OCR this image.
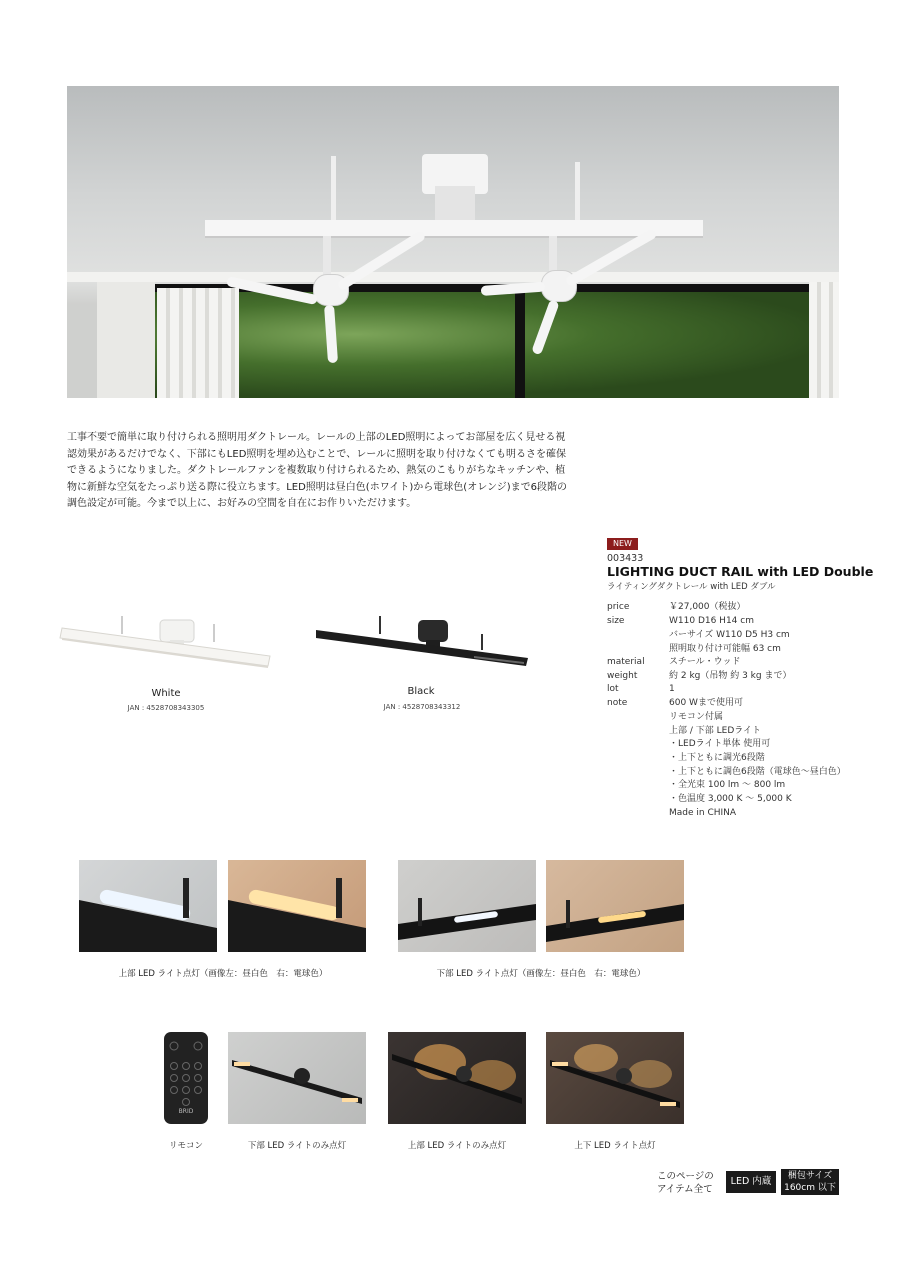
工事不要で簡単に取り付けられる照明用ダクトレール。レールの上部のLED照明によってお部屋を広く見せる視認効果があるだけでなく、下部にもLED照明を埋め込むことで、レールに照明を取り付けなくても明るさを確保できるようになりました。ダクトレールファンを複数取り付けられるため、熱気のこもりがちなキッチンや、植物に新鮮な空気をたっぷり送る際に役立ちます。LED照明は昼白色(ホワイト)から電球色(オレンジ)まで6段階の調色設定が可能。今まで以上に、お好みの空間を自在にお作りいただけます。

White
JAN : 4528708343305
Black
JAN : 4528708343312
NEW
003433
LIGHTING DUCT RAIL with LED Double
ライティングダクトレール with LED ダブル
price	￥27,000（税抜）
size	W110 D16 H14 cm
バーサイズ W110 D5 H3 cm
照明取り付け可能幅 63 cm
material	スチール・ウッド
weight	約 2 kg（吊物 約 3 kg まで）
lot	1
note	600 Wまで使用可
リモコン付属
上部 / 下部 LEDライト
・LEDライト単体 使用可
・上下ともに調光6段階
・上下ともに調色6段階（電球色～昼白色）
・全光束 100 lm ～ 800 lm
・色温度 3,000 K ～ 5,000 K
Made in CHINA
上部 LED ライト点灯（画像左：昼白色　右：電球色）	下部 LED ライト点灯（画像左：昼白色　右：電球色）
BRID
リモコン	下部 LED ライトのみ点灯	上部 LED ライトのみ点灯	上下 LED ライト点灯
このページの
アイテム全て
LED 内蔵	梱包サイズ
160cm 以下
